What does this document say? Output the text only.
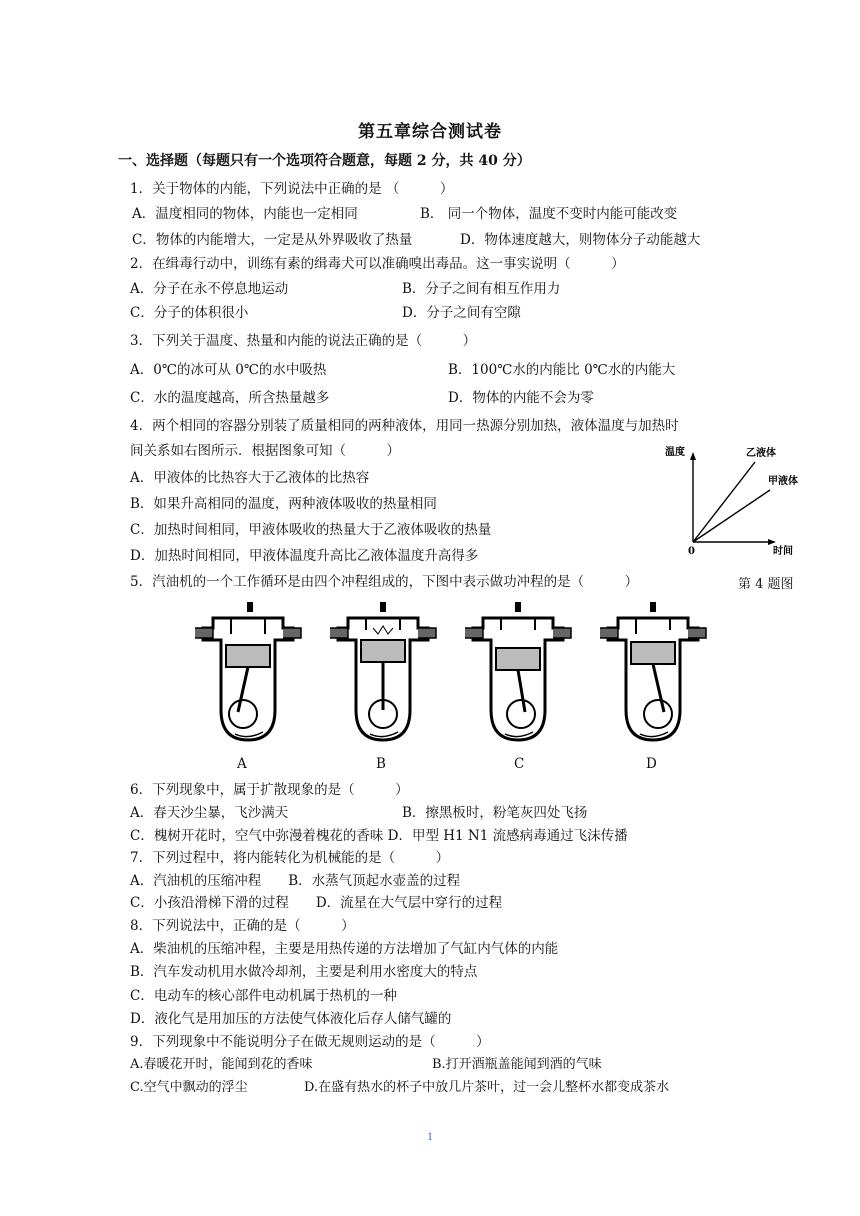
第五章综合测试卷
一、选择题（每题只有一个选项符合题意，每题 2 分，共 40 分）
1．关于物体的内能，下列说法中正确的是 （　　　）
A．温度相同的物体，内能也一定相同	B． 同一个物体，温度不变时内能可能改变
C．物体的内能增大，一定是从外界吸收了热量	D．物体速度越大，则物体分子动能越大
2．在缉毒行动中，训练有素的缉毒犬可以准确嗅出毒品。这一事实说明（　　　）
A．分子在永不停息地运动	B．分子之间有相互作用力
C．分子的体积很小	D．分子之间有空隙
3．下列关于温度、热量和内能的说法正确的是（　　　）
A．0℃的冰可从 0℃的水中吸热	B．100℃水的内能比 0℃水的内能大
C．水的温度越高，所含热量越多	D．物体的内能不会为零
4．两个相同的容器分别装了质量相同的两种液体，用同一热源分别加热，液体温度与加热时
间关系如右图所示．根据图象可知（　　　）
A．甲液体的比热容大于乙液体的比热容
B．如果升高相同的温度，两种液体吸收的热量相同
C．加热时间相同，甲液体吸收的热量大于乙液体吸收的热量
D．加热时间相同，甲液体温度升高比乙液体温度升高得多
温度
时间
0
乙液体
甲液体
5．汽油机的一个工作循环是由四个冲程组成的，下图中表示做功冲程的是（　　　）	第 4 题图
A	B	C	D
6．下列现象中，属于扩散现象的是（　　　）
A．春天沙尘暴，飞沙满天	B．擦黑板时，粉笔灰四处飞扬
C．槐树开花时，空气中弥漫着槐花的香味 D．甲型 H1 N1 流感病毒通过飞沫传播
7．下列过程中，将内能转化为机械能的是（　　　）
A．汽油机的压缩冲程　　B．水蒸气顶起水壶盖的过程
C．小孩沿滑梯下滑的过程　　D．流星在大气层中穿行的过程
8．下列说法中，正确的是（　　　）
A．柴油机的压缩冲程，主要是用热传递的方法增加了气缸内气体的内能
B．汽车发动机用水做冷却剂，主要是利用水密度大的特点
C．电动车的核心部件电动机属于热机的一种
D．液化气是用加压的方法使气体液化后存人储气罐的
9．下列现象中不能说明分子在做无规则运动的是（　　　）
A.春暖花开时，能闻到花的香味	B.打开酒瓶盖能闻到酒的气味
C.空气中飘动的浮尘	D.在盛有热水的杯子中放几片茶叶，过一会儿整杯水都变成茶水
1
